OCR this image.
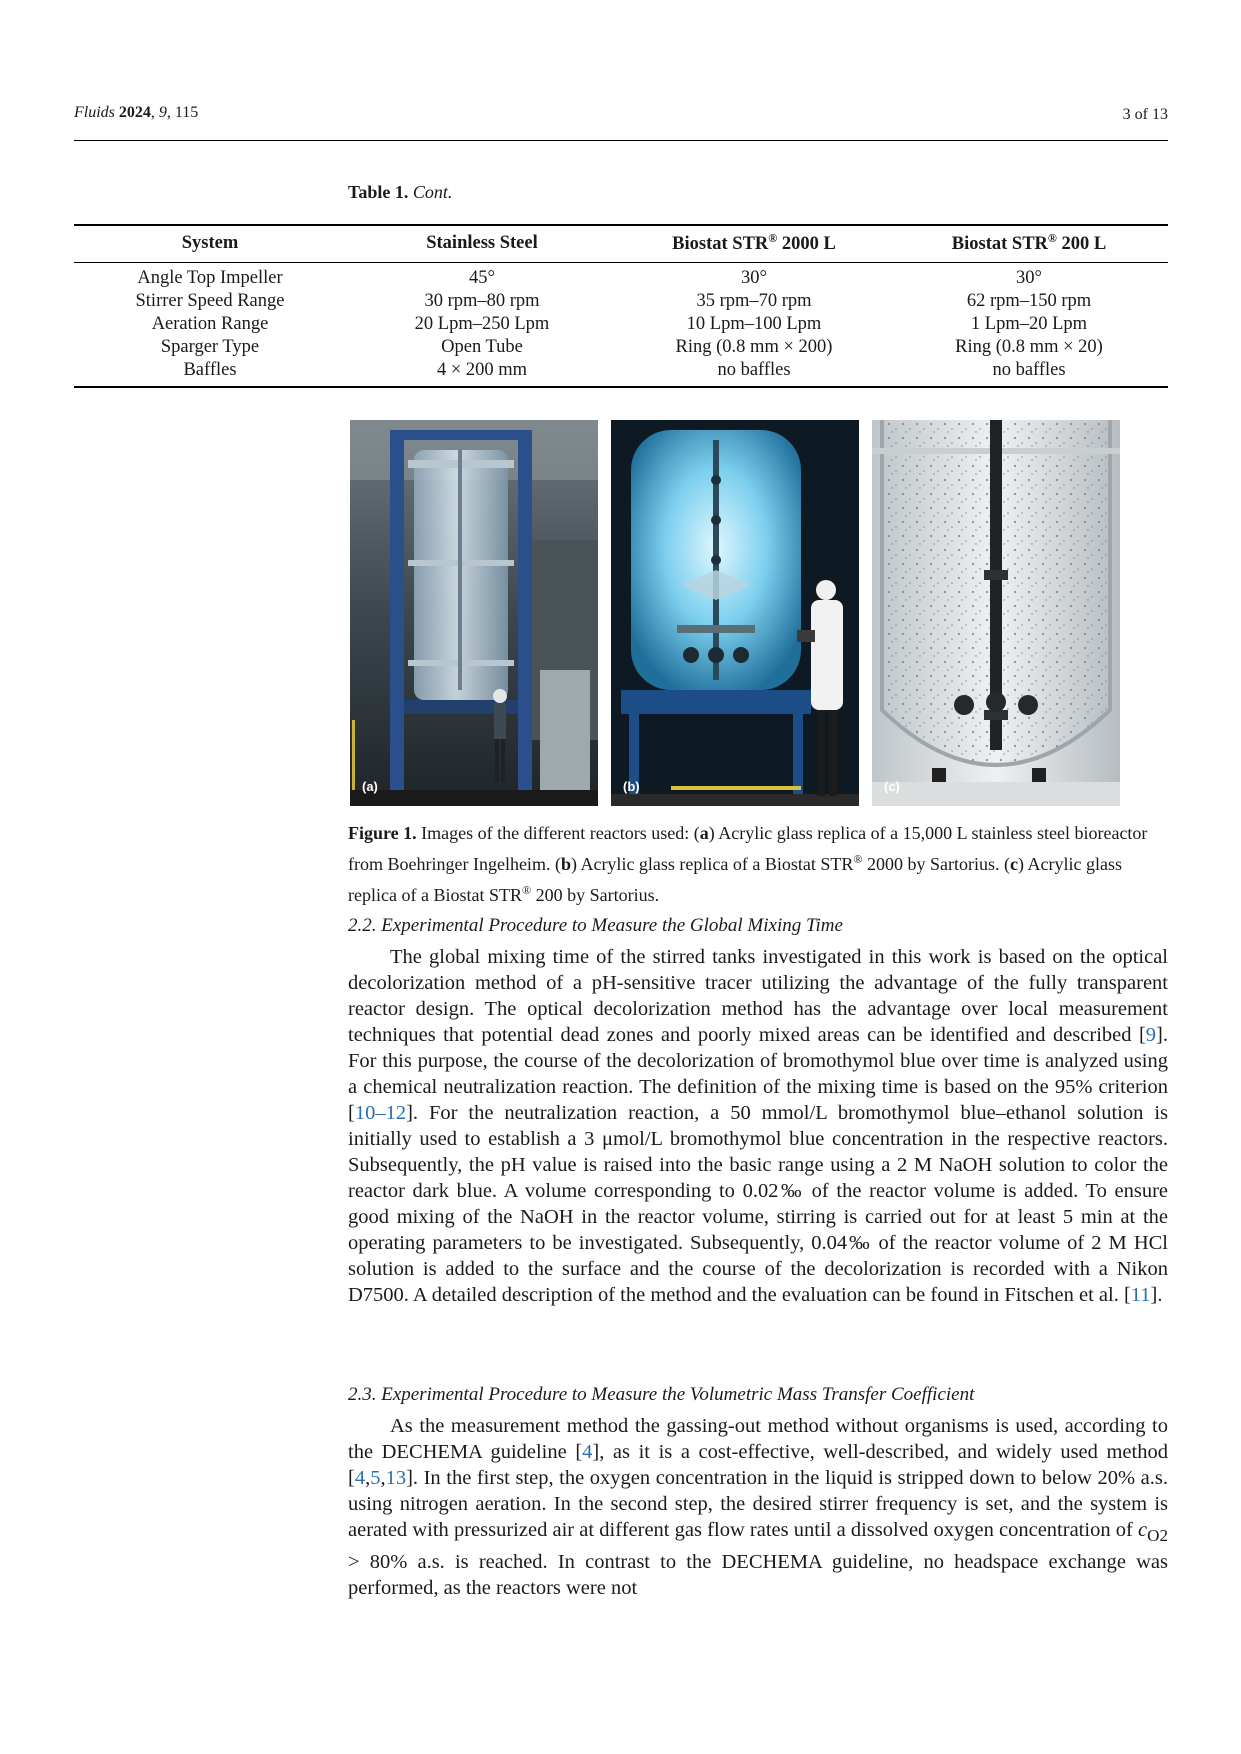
Fluids 2024, 9, 115	3 of 13
Table 1. Cont.
System	Stainless Steel	Biostat STR® 2000 L	Biostat STR® 200 L
Angle Top Impeller	45°	30°	30°
Stirrer Speed Range	30 rpm–80 rpm	35 rpm–70 rpm	62 rpm–150 rpm
Aeration Range	20 Lpm–250 Lpm	10 Lpm–100 Lpm	1 Lpm–20 Lpm
Sparger Type	Open Tube	Ring (0.8 mm × 200)	Ring (0.8 mm × 20)
Baffles	4 × 200 mm	no baffles	no baffles
(a)	(b)	(c)
Figure 1. Images of the different reactors used: (a) Acrylic glass replica of a 15,000 L stainless steel bioreactor from Boehringer Ingelheim. (b) Acrylic glass replica of a Biostat STR® 2000 by Sartorius. (c) Acrylic glass replica of a Biostat STR® 200 by Sartorius.
2.2. Experimental Procedure to Measure the Global Mixing Time

The global mixing time of the stirred tanks investigated in this work is based on the optical decolorization method of a pH-sensitive tracer utilizing the advantage of the fully transparent reactor design. The optical decolorization method has the advantage over local measurement techniques that potential dead zones and poorly mixed areas can be identified and described [9]. For this purpose, the course of the decolorization of bromothymol blue over time is analyzed using a chemical neutralization reaction. The definition of the mixing time is based on the 95% criterion [10–12]. For the neutralization reaction, a 50 mmol/L bromothymol blue–ethanol solution is initially used to establish a 3 μmol/L bromothymol blue concentration in the respective reactors. Subsequently, the pH value is raised into the basic range using a 2 M NaOH solution to color the reactor dark blue. A volume corresponding to 0.02‰ of the reactor volume is added. To ensure good mixing of the NaOH in the reactor volume, stirring is carried out for at least 5 min at the operating parameters to be investigated. Subsequently, 0.04‰ of the reactor volume of 2 M HCl solution is added to the surface and the course of the decolorization is recorded with a Nikon D7500. A detailed description of the method and the evaluation can be found in Fitschen et al. [11].

2.3. Experimental Procedure to Measure the Volumetric Mass Transfer Coefficient

As the measurement method the gassing-out method without organisms is used, according to the DECHEMA guideline [4], as it is a cost-effective, well-described, and widely used method [4,5,13]. In the first step, the oxygen concentration in the liquid is stripped down to below 20% a.s. using nitrogen aeration. In the second step, the desired stirrer frequency is set, and the system is aerated with pressurized air at different gas flow rates until a dissolved oxygen concentration of $c_{O2} > 80\%$ a.s. is reached. In contrast to the DECHEMA guideline, no headspace exchange was performed, as the reactors were not
